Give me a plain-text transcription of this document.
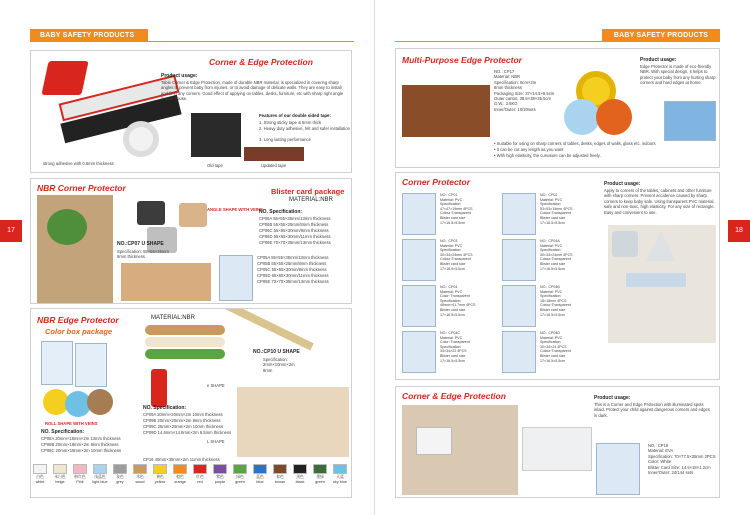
BABY SAFETY PRODUCTS
17
strong adhesive with 0.5mm thickness
Corner & Edge Protection
Product usage:
Tabie Corner & Edge Protection, made of durable NBR material, is specialized in covering sharp angles to prevent baby from injuries, or to avoid damage of delicate walls. They are easy to install and fit in any corners. Good effect of applying on tables, desks, furniture, etc with sharp right angle in your house.
Features of our double sided tape:
1. Strong sticky tape & 5mm thick
2. Heavy duty adhesive, felt and safer installation
3. Long lasting performance
Old tape	Updated tape
NBR Corner Protector	Blister card package
MATERIAL:NBR
ANGLE SHAPE WITH VEINS
NO.:CP07 U SHAPE
Specification: 55×55×35mm
8mm thickness
NO. Specification:
CP06A 55×55×35mm/13mm thickness
CP06B 55×55×25mm/8mm thickness
CP06C 55×55×30mm/8mm thickness
CP06D 65×65×30mm/11mm thickness
CP06E 70×70×35mm/13mm thickness
CP05A 55×55×35mm/13mm thickness
CP05B 55×55×25mm/8mm thickness
CP05C 55×55×30mm/8mm thickness
CP05D 65×65×30mm/11mm thickness
CP05E 70×70×35mm/13mm thickness
NBR Edge Protector
Color box package
MATERIAL:NBR
ROLL SHAPE WITH VEINS
NO. Specification:
CP08A 20mm×18mm×2m 13mm thickness
CP08B 20mm×18mm×2m 8mm thickness
CP08C 20mm×18mm×2m 10mm thickness
NO.:CP10 U SHAPE
Specification:
2mm×10mm×2m
8mm
e SHAPE
NO. Specification:
CP09A 20mm×20mm×2m 10mm thickness
CP09B 20mm×20mm×2m 8mm thickness
CP09C 25mm×25mm×2m 10mm thickness
CP09D 14.6mm×14.6mm×2m 6.5mm thickness
L SHAPE
CP16 40mm×35mm×2m 11mm thickness
白色
white
米白色
beige
粉红色
Pink
浅蓝色
light blue
灰色
grey
木色
wood
黄色
yellow
橙色
orange
红色
red
紫色
purple
绿色
green
蓝色
blue
棕色
brown
黑色
black
墨绿
green
天蓝
sky blue
BABY SAFETY PRODUCTS
18
Multi-Purpose Edge Protector
NO.: CP17
Material: NBR
Specification: 8cm×2m
8mm thickness
Packaging Size: 37×14.5×8.5cm
Outer carton: 38.5×38×35.5cm
G.W.: 3.8KG
Inner/Outer: 10/20sets
Product usage:
Edge Protector is made of eco-friendly NBR. With special design, it helps to protect your baby from any hurting sharp corners and hard edges at home.
• Suitable for using on sharp corners of tables, desks, edges of walls, glass etc. indoors
• It can be cut any length as you want
• With high elasticity, the curvature can be adjusted freely.
Corner Protector
NO.: CP01
Material: PVC
Specification:
47×47×19mm 4PCS
Colour:Transparent
Blister card size
17×16.5×5.5cm
NO.: CP02
Material: PVC
Specification:
53×53×19mm 4PCS
Colour:Transparent
Blister card size
17×16.5×5.5cm
NO.: CP03
Material: PVC
Specification:
30×34×24mm 4PCS
Colour:Transparent
Blister card size
17×16.5×5.5cm
NO.: CP04A
Material: PVC
Specification:
30×34×24mm 4PCS
Colour:Transparent
Blister card size
17×16.5×5.5cm
NO.: CP04
Material: PVC
Color: Transparent
Specification:
48mm×41.7mm 4PCS
Blister card size
17×16.5×5.5cm
NO.: CP04B
Material: PVC
Specification:
18×18mm 4PCS
Colour:Transparent
Blister card size
17×16.5×5.5cm
NO.: CP04C
Material: PVC
Color: Transparent
Specification:
34×34×22 4PCS
Blister card size
17×16.5×5.5cm
NO.: CP04D
Material: PVC
Specification:
30×34×24 4PCS
Colour:Transparent
Blister card size
17×16.5×5.5cm
Product usage:
Apply to corners of the tables, cabinets and other furniture with sharp corners. Prevent accidence caused by sharp corners to keep baby safe. Using transparent PVC material, safe and non-toxic, high elasticity. For any size of rectangle. Easy and convenient to use.
Corner & Edge Protection	Product usage:
This is a Corner and Edge Protection with illuminated spots inlaid. Protect your child against dangerous corners and edges in dark.
NO.: CP19
Material: EVA
Specification: 70×77.5×35mm 2PCS
Color: White
Blister Card Size: 14.5×18×1.2cm
Inner/Outer: 24/144 sets
